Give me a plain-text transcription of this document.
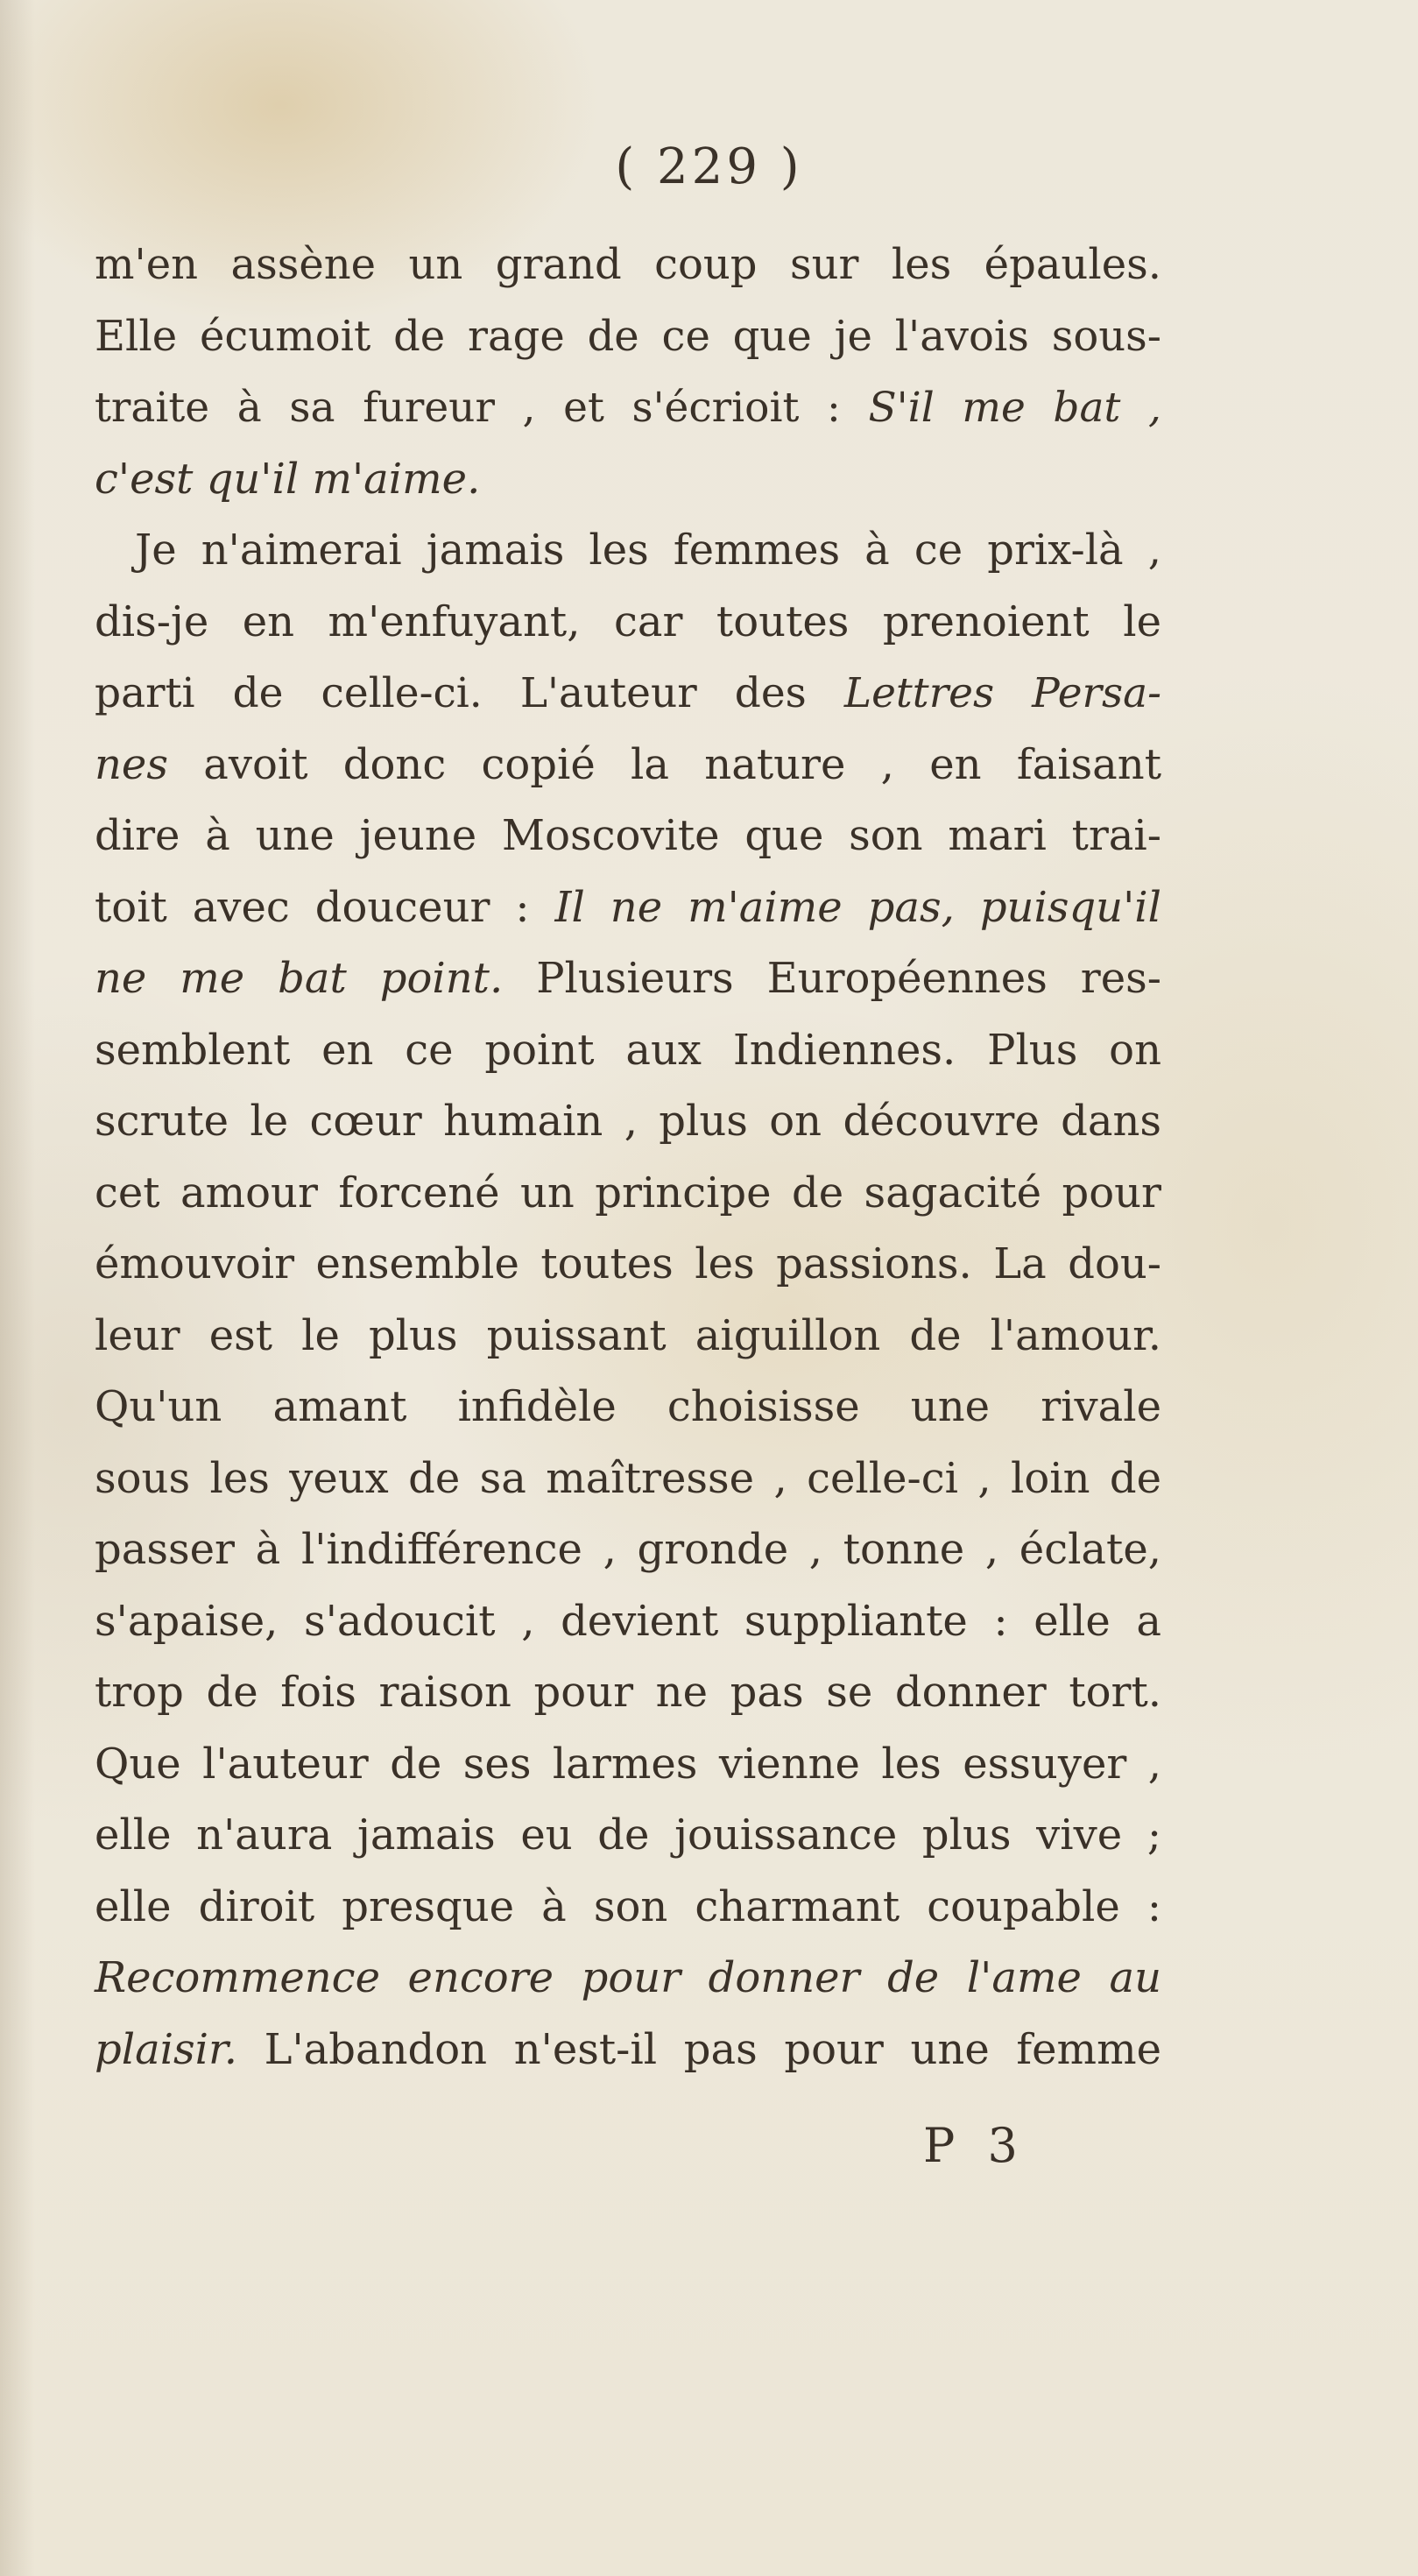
( 229 )
m'en assène un grand coup sur les épaules.
Elle écumoit de rage de ce que je l'avois sous-
traite à sa fureur , et s'écrioit : S'il me bat ,
c'est qu'il m'aime.
Je n'aimerai jamais les femmes à ce prix-là ,
dis-je en m'enfuyant, car toutes prenoient le
parti de celle-ci. L'auteur des Lettres Persa-
nes avoit donc copié la nature , en faisant
dire à une jeune Moscovite que son mari trai-
toit avec douceur : Il ne m'aime pas, puisqu'il
ne me bat point. Plusieurs Européennes res-
semblent en ce point aux Indiennes. Plus on
scrute le cœur humain , plus on découvre dans
cet amour forcené un principe de sagacité pour
émouvoir ensemble toutes les passions. La dou-
leur est le plus puissant aiguillon de l'amour.
Qu'un amant infidèle choisisse une rivale
sous les yeux de sa maîtresse , celle-ci , loin de
passer à l'indifférence , gronde , tonne , éclate,
s'apaise, s'adoucit , devient suppliante : elle a
trop de fois raison pour ne pas se donner tort.
Que l'auteur de ses larmes vienne les essuyer ,
elle n'aura jamais eu de jouissance plus vive ;
elle diroit presque à son charmant coupable :
Recommence encore pour donner de l'ame au
plaisir. L'abandon n'est-il pas pour une femme
P 3
